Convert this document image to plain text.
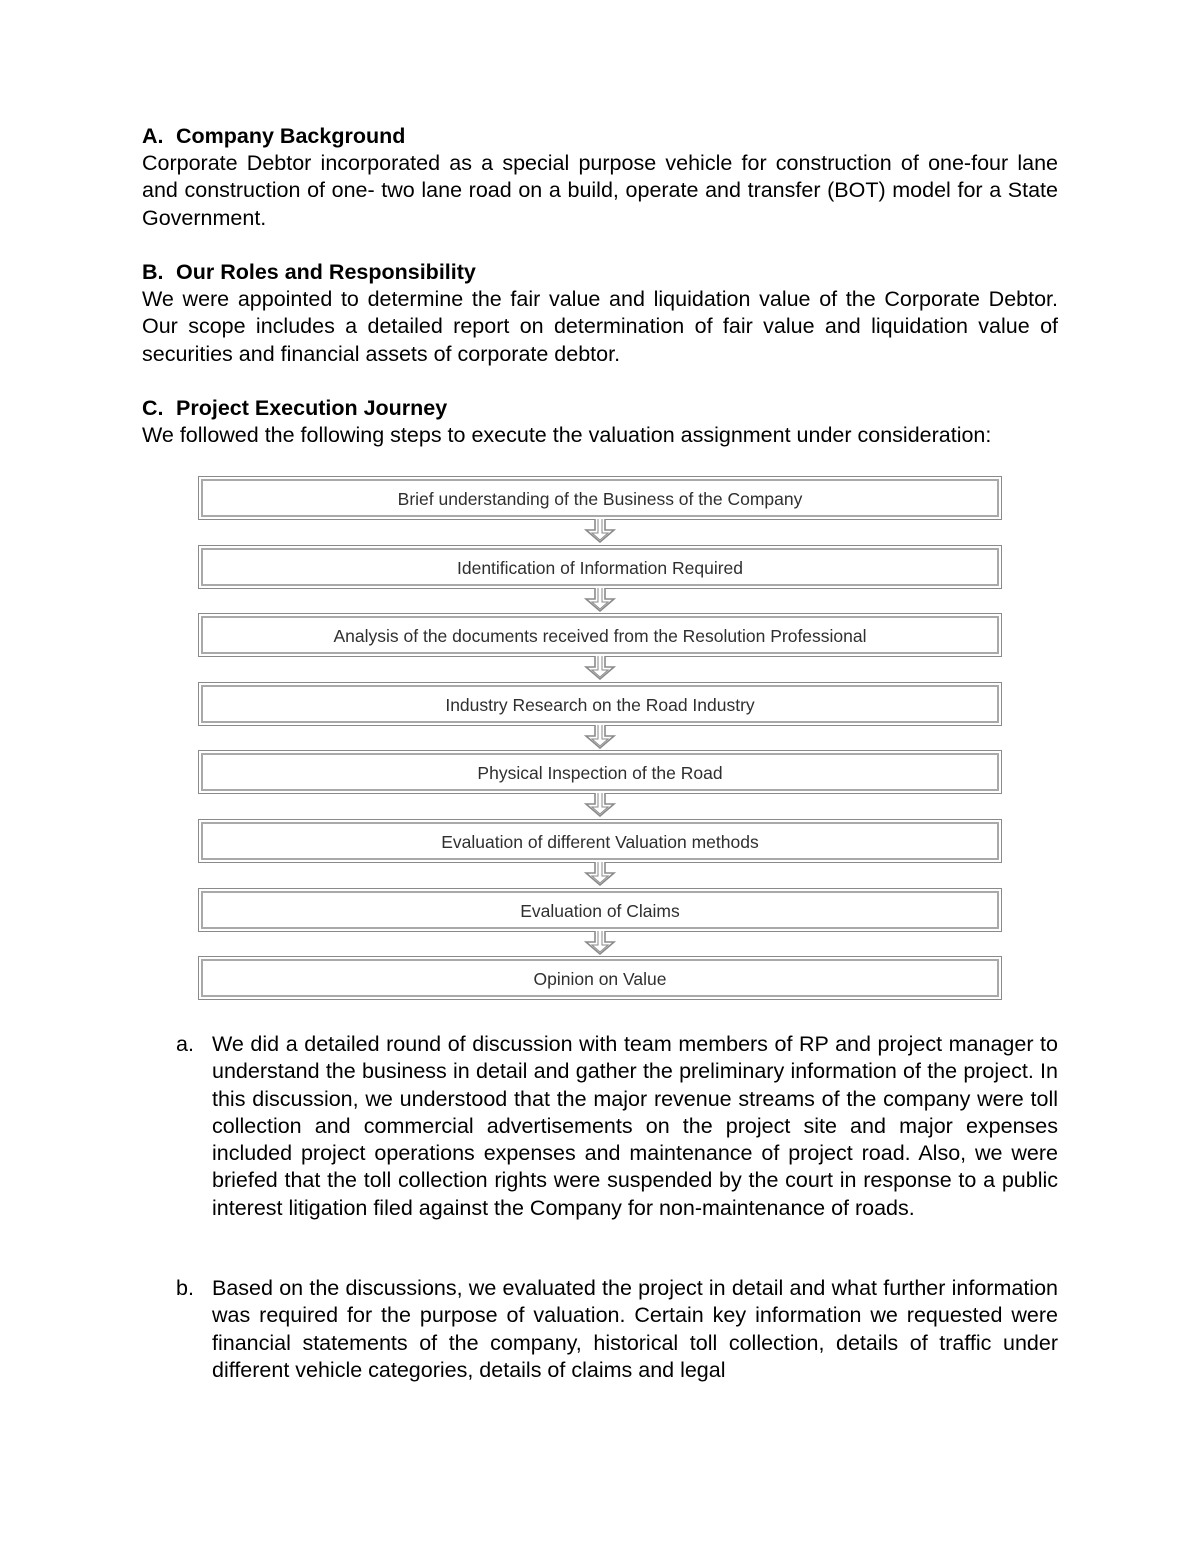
A. Company Background

Corporate Debtor incorporated as a special purpose vehicle for construction of one-four lane and construction of one- two lane road on a build, operate and transfer (BOT) model for a State Government.

B. Our Roles and Responsibility

We were appointed to determine the fair value and liquidation value of the Corporate Debtor. Our scope includes a detailed report on determination of fair value and liquidation value of securities and financial assets of corporate debtor.

C. Project Execution Journey

We followed the following steps to execute the valuation assignment under consideration:

Brief understanding of the Business of the Company
Identification of Information Required
Analysis of the documents received from the Resolution Professional
Industry Research on the Road Industry
Physical Inspection of the Road
Evaluation of different Valuation methods
Evaluation of Claims
Opinion on Value
a. We did a detailed round of discussion with team members of RP and project manager to understand the business in detail and gather the preliminary information of the project. In this discussion, we understood that the major revenue streams of the company were toll collection and commercial advertisements on the project site and major expenses included project operations expenses and maintenance of project road. Also, we were briefed that the toll collection rights were suspended by the court in response to a public interest litigation filed against the Company for non-maintenance of roads.

b. Based on the discussions, we evaluated the project in detail and what further information was required for the purpose of valuation. Certain key information we requested were financial statements of the company, historical toll collection, details of traffic under different vehicle categories, details of claims and legal
